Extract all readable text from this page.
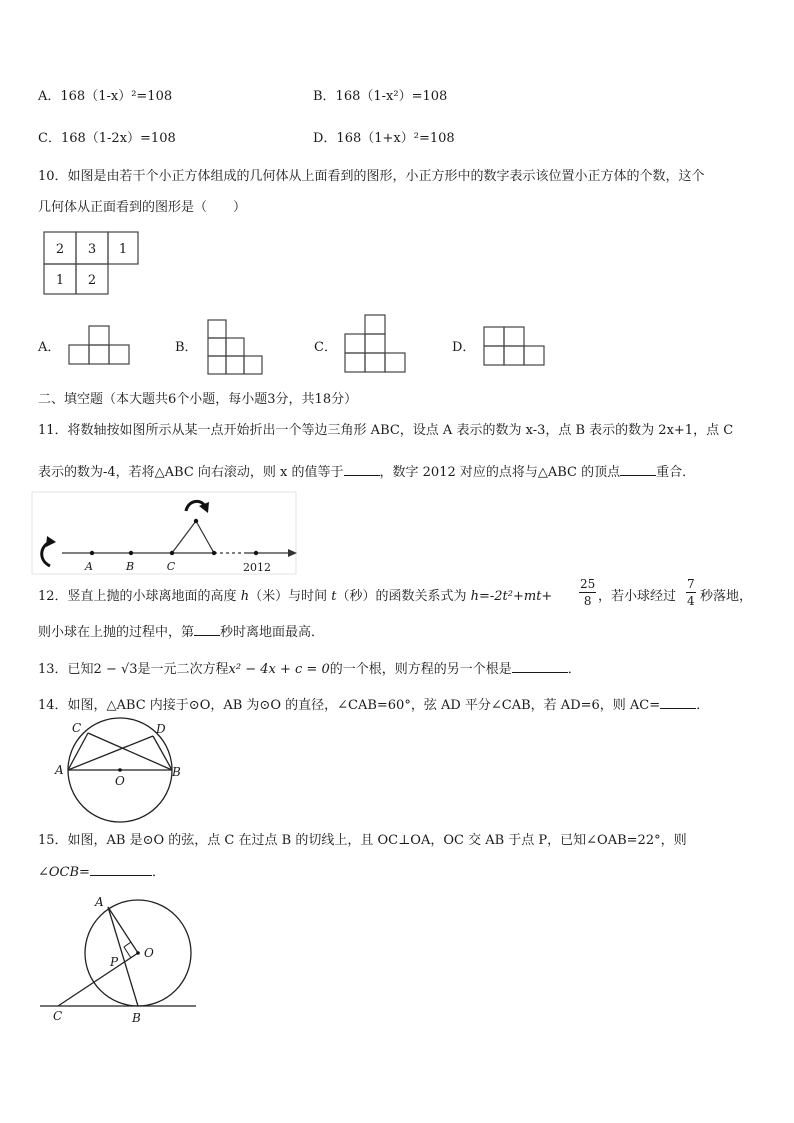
A．168（1-x）²=108	B．168（1-x²）=108
C．168（1-2x）=108	D．168（1+x）²=108
10．如图是由若干个小正方体组成的几何体从上面看到的图形，小正方形中的数字表示该位置小正方体的个数，这个
几何体从正面看到的图形是（　　）
2 3 1
1 2
A．	B．	C．	D．
二、填空题（本大题共6个小题，每小题3分，共18分）
11．将数轴按如图所示从某一点开始折出一个等边三角形 ABC，设点 A 表示的数为 x-3，点 B 表示的数为 2x+1，点 C
表示的数为-4，若将△ABC 向右滚动，则 x 的值等于	，数字 2012 对应的点将与△ABC 的顶点	重合．
A	B	C	2012
12．竖直上抛的小球离地面的高度 h（米）与时间 t（秒）的函数关系式为 $h=-2t^2+mt+ \frac{25}{8}$ ，若小球经过 $\frac{7}{4}$ 秒落地，
则小球在上抛的过程中，第 秒时离地面最高．
13．已知2 − √3是一元二次方程x² − 4x + c = 0的一个根，则方程的另一个根是	．
14．如图，△ABC 内接于⊙O，AB 为⊙O 的直径，∠CAB=60°，弦 AD 平分∠CAB，若 AD=6，则 AC=	．
C	D
A
O
B
15．如图，AB 是⊙O 的弦，点 C 在过点 B 的切线上，且 OC⊥OA，OC 交 AB 于点 P，已知∠OAB=22°，则
∠OCB=	．
A
O
P
C	B
